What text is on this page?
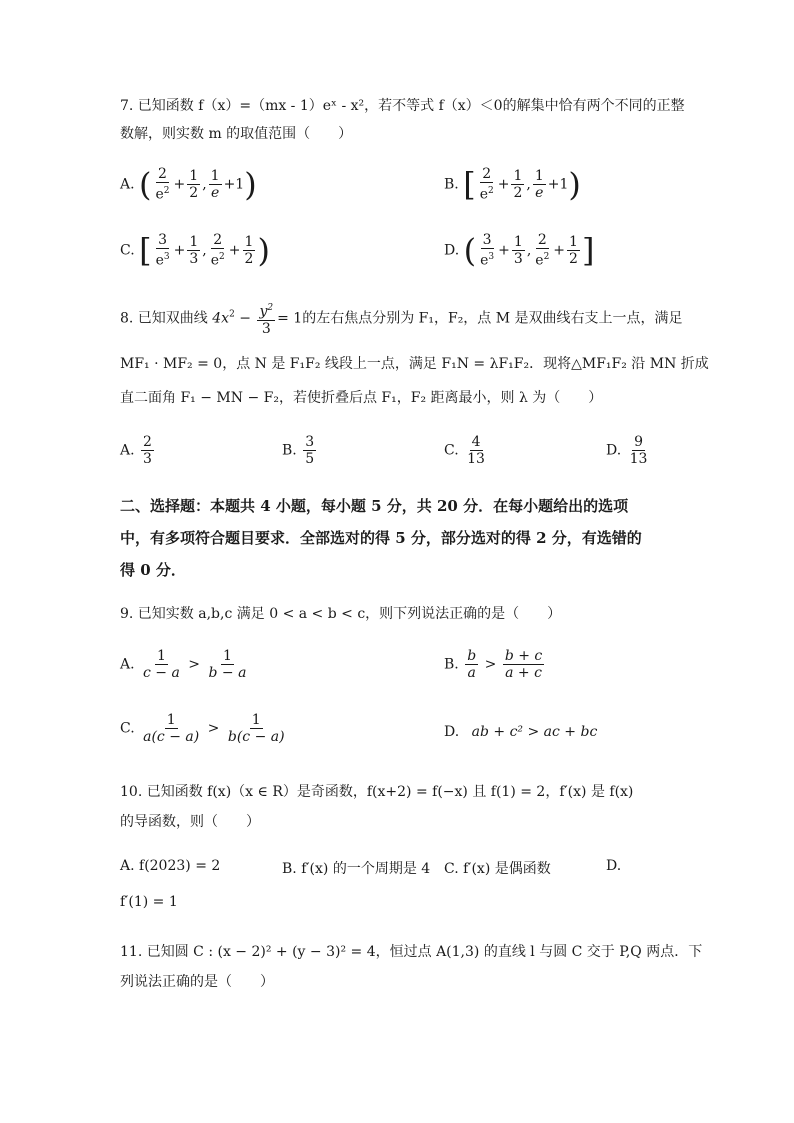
7. 已知函数 f（x）=（mx - 1）eˣ - x²，若不等式 f（x）＜0的解集中恰有两个不同的正整
数解，则实数 m 的取值范围（　　）
A. ( $\frac{2}{e^2} + \frac{1}{2}$ , $\frac{1}{e} +1$)	B. [ $\frac{2}{e^2} + \frac{1}{2}$ , $\frac{1}{e} +1$)
C. [ $\frac{3}{e^3} + \frac{1}{3}$ , $\frac{2}{e^2} + \frac{1}{2}$ )	D. ( $\frac{3}{e^3} + \frac{1}{3}$ , $\frac{2}{e^2} + \frac{1}{2}$ ]
8. 已知双曲线 $4x^2 - \frac{y^2}{3} = 1$的左右焦点分别为 F₁，F₂，点 M 是双曲线右支上一点，满足
MF₁ · MF₂ = 0，点 N 是 F₁F₂ 线段上一点，满足 F₁N = λF₁F₂．现将△MF₁F₂ 沿 MN 折成
直二面角 F₁ − MN − F₂，若使折叠后点 F₁，F₂ 距离最小，则 λ 为（　　）
A. $\frac{2}{3}$	B. $\frac{3}{5}$	C. $\frac{4}{13}$	D. $\frac{9}{13}$
二、选择题：本题共 4 小题，每小题 5 分，共 20 分．在每小题给出的选项
中，有多项符合题目要求．全部选对的得 5 分，部分选对的得 2 分，有选错的
得 0 分．
9. 已知实数 a,b,c 满足 0 < a < b < c，则下列说法正确的是（　　）
A. $\frac{1}{c - a} > \frac{1}{b - a}$	B. $\frac{b}{a} > \frac{b + c}{a + c}$
C. $\frac{1}{a(c - a)} > \frac{1}{b(c - a)}$	D. ab + c² > ac + bc
10. 已知函数 f(x)（x ∈ R）是奇函数，f(x+2) = f(−x) 且 f(1) = 2，f′(x) 是 f(x)
的导函数，则（　　）
A. f(2023) = 2	B. f′(x) 的一个周期是 4 C. f′(x) 是偶函数	D.
f′(1) = 1
11. 已知圆 C : (x − 2)² + (y − 3)² = 4，恒过点 A(1,3) 的直线 l 与圆 C 交于 P,Q 两点．下
列说法正确的是（　　）
